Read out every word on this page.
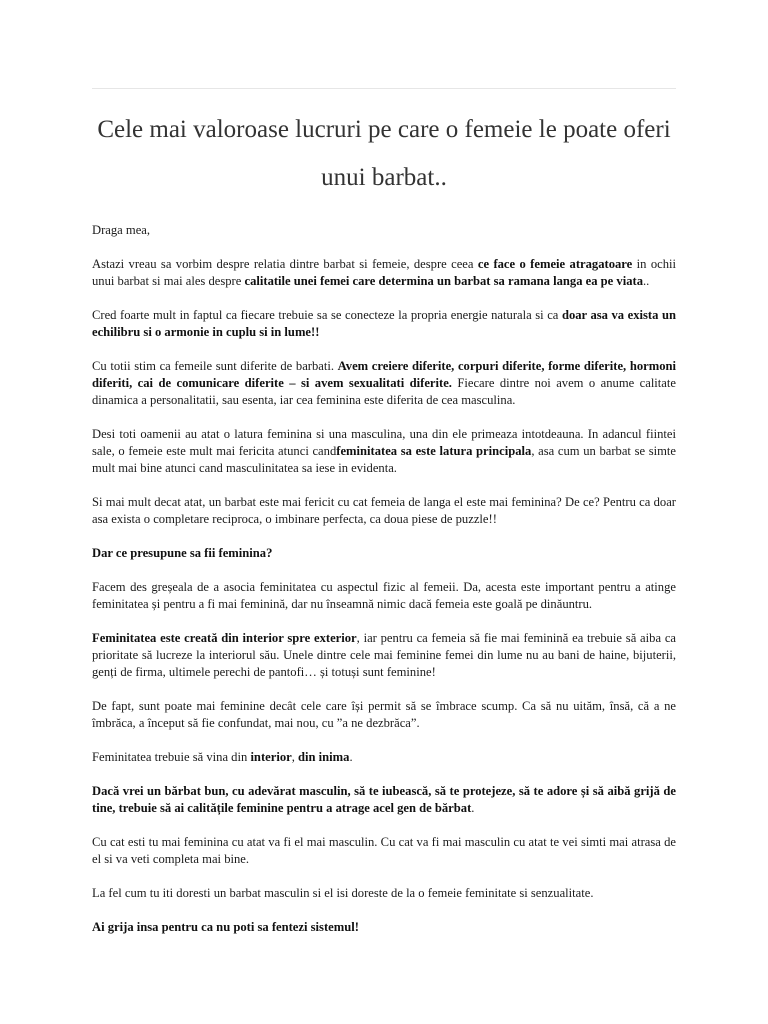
Cele mai valoroase lucruri pe care o femeie le poate oferi unui barbat..

Draga mea,

Astazi vreau sa vorbim despre relatia dintre barbat si femeie, despre ceea ce face o femeie atragatoare in ochii unui barbat si mai ales despre calitatile unei femei care determina un barbat sa ramana langa ea pe viata..

Cred foarte mult in faptul ca fiecare trebuie sa se conecteze la propria energie naturala si ca doar asa va exista un echilibru si o armonie in cuplu si in lume!!

Cu totii stim ca femeile sunt diferite de barbati. Avem creiere diferite, corpuri diferite, forme diferite, hormoni diferiti, cai de comunicare diferite – si avem sexualitati diferite. Fiecare dintre noi avem o anume calitate dinamica a personalitatii, sau esenta, iar cea feminina este diferita de cea masculina.

Desi toti oamenii au atat o latura feminina si una masculina, una din ele primeaza intotdeauna. In adancul fiintei sale, o femeie este mult mai fericita atunci candfeminitatea sa este latura principala, asa cum un barbat se simte mult mai bine atunci cand masculinitatea sa iese in evidenta.

Si mai mult decat atat, un barbat este mai fericit cu cat femeia de langa el este mai feminina? De ce? Pentru ca doar asa exista o completare reciproca, o imbinare perfecta, ca doua piese de puzzle!!

Dar ce presupune sa fii feminina?

Facem des greșeala de a asocia feminitatea cu aspectul fizic al femeii. Da, acesta este important pentru a atinge feminitatea și pentru a fi mai feminină, dar nu înseamnă nimic dacă femeia este goală pe dinăuntru.

Feminitatea este creată din interior spre exterior, iar pentru ca femeia să fie mai feminină ea trebuie să aiba ca prioritate să lucreze la interiorul său. Unele dintre cele mai feminine femei din lume nu au bani de haine, bijuterii, genți de firma, ultimele perechi de pantofi… și totuși sunt feminine!

De fapt, sunt poate mai feminine decât cele care își permit să se îmbrace scump. Ca să nu uităm, însă, că a ne îmbrăca, a început să fie confundat, mai nou, cu ”a ne dezbrăca”.

Feminitatea trebuie să vina din interior, din inima.

Dacă vrei un bărbat bun, cu adevărat masculin, să te iubească, să te protejeze, să te adore și să aibă grijă de tine, trebuie să ai calitățile feminine pentru a atrage acel gen de bărbat.

Cu cat esti tu mai feminina cu atat va fi el mai masculin. Cu cat va fi mai masculin cu atat te vei simti mai atrasa de el si va veti completa mai bine.

La fel cum tu iti doresti un barbat masculin si el isi doreste de la o femeie feminitate si senzualitate.

Ai grija insa pentru ca nu poti sa fentezi sistemul!
